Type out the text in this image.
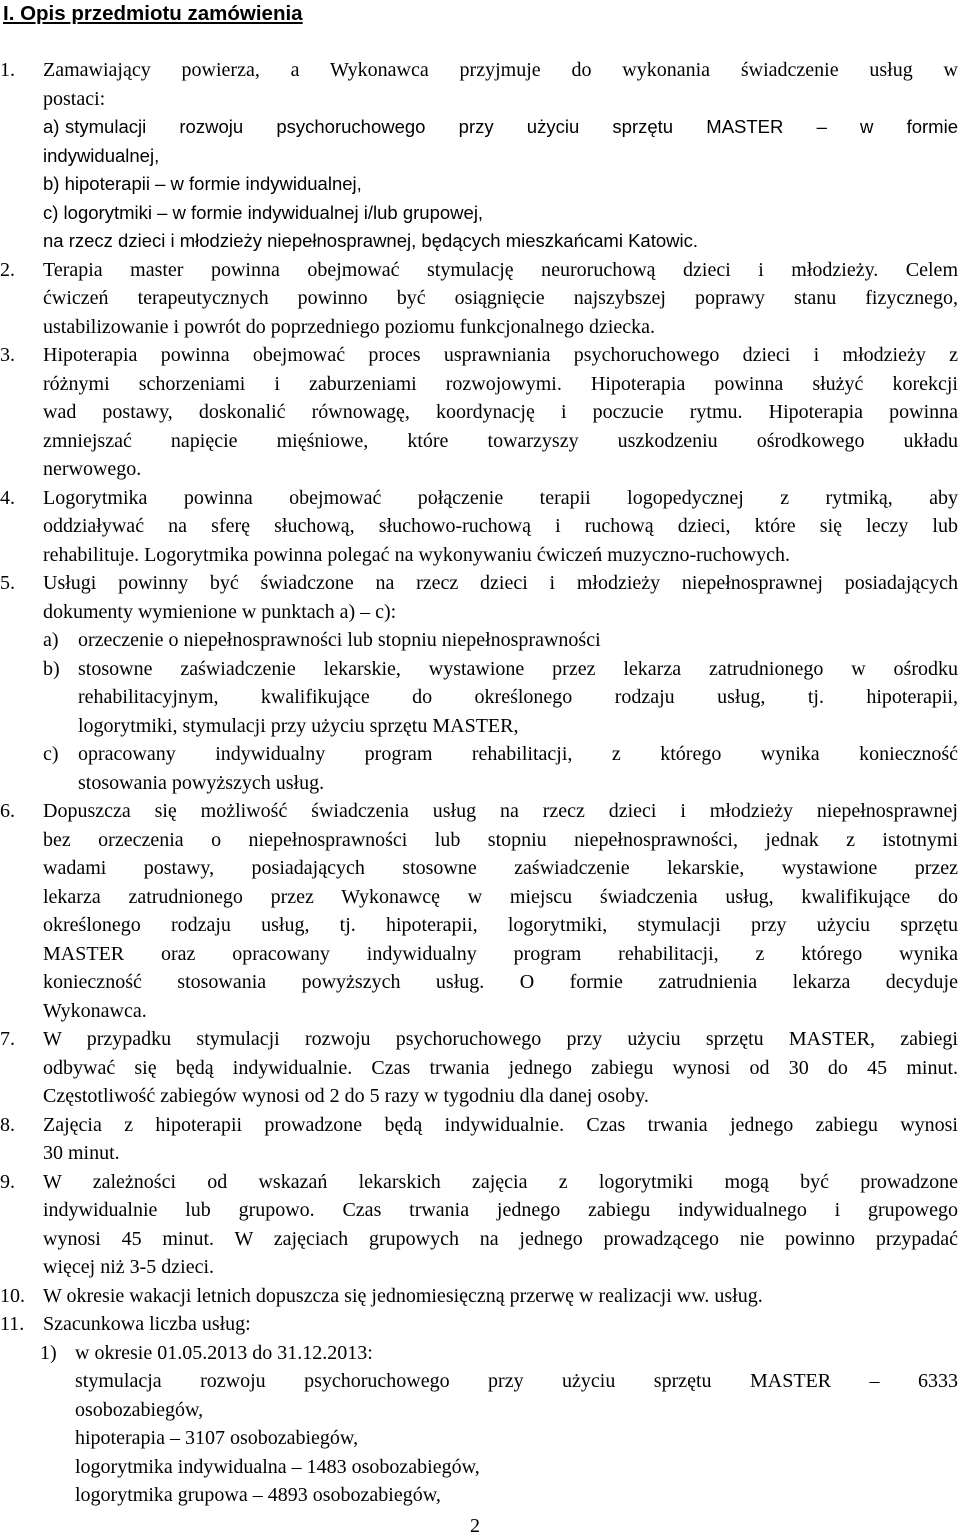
I. Opis przedmiotu zamówienia
1. Zamawiający powierza, a Wykonawca przyjmuje do wykonania świadczenie usług w
postaci:
a) stymulacji rozwoju psychoruchowego przy użyciu sprzętu MASTER – w formie
indywidualnej,
b) hipoterapii – w formie indywidualnej,
c) logorytmiki – w formie indywidualnej i/lub grupowej,
na rzecz dzieci i młodzieży niepełnosprawnej, będących mieszkańcami Katowic.
2. Terapia master powinna obejmować stymulację neuroruchową dzieci i młodzieży. Celem
ćwiczeń terapeutycznych powinno być osiągnięcie najszybszej poprawy stanu fizycznego,
ustabilizowanie i powrót do poprzedniego poziomu funkcjonalnego dziecka.
3. Hipoterapia powinna obejmować proces usprawniania psychoruchowego dzieci i młodzieży z
różnymi schorzeniami i zaburzeniami rozwojowymi. Hipoterapia powinna służyć korekcji
wad postawy, doskonalić równowagę, koordynację i poczucie rytmu. Hipoterapia powinna
zmniejszać napięcie mięśniowe, które towarzyszy uszkodzeniu ośrodkowego układu
nerwowego.
4. Logorytmika powinna obejmować połączenie terapii logopedycznej z rytmiką, aby
oddziaływać na sferę słuchową, słuchowo-ruchową i ruchową dzieci, które się leczy lub
rehabilituje. Logorytmika powinna polegać na wykonywaniu ćwiczeń muzyczno-ruchowych.
5. Usługi powinny być świadczone na rzecz dzieci i młodzieży niepełnosprawnej posiadających
dokumenty wymienione w punktach a) – c):
a) orzeczenie o niepełnosprawności lub stopniu niepełnosprawności
b) stosowne zaświadczenie lekarskie, wystawione przez lekarza zatrudnionego w ośrodku
rehabilitacyjnym, kwalifikujące do określonego rodzaju usług, tj. hipoterapii,
logorytmiki, stymulacji przy użyciu sprzętu MASTER,
c) opracowany indywidualny program rehabilitacji, z którego wynika konieczność
stosowania powyższych usług.
6. Dopuszcza się możliwość świadczenia usług na rzecz dzieci i młodzieży niepełnosprawnej
bez orzeczenia o niepełnosprawności lub stopniu niepełnosprawności, jednak z istotnymi
wadami postawy, posiadających stosowne zaświadczenie lekarskie, wystawione przez
lekarza zatrudnionego przez Wykonawcę w miejscu świadczenia usług, kwalifikujące do
określonego rodzaju usług, tj. hipoterapii, logorytmiki, stymulacji przy użyciu sprzętu
MASTER oraz opracowany indywidualny program rehabilitacji, z którego wynika
konieczność stosowania powyższych usług. O formie zatrudnienia lekarza decyduje
Wykonawca.
7. W przypadku stymulacji rozwoju psychoruchowego przy użyciu sprzętu MASTER, zabiegi
odbywać się będą indywidualnie. Czas trwania jednego zabiegu wynosi od 30 do 45 minut.
Częstotliwość zabiegów wynosi od 2 do 5 razy w tygodniu dla danej osoby.
8. Zajęcia z hipoterapii prowadzone będą indywidualnie. Czas trwania jednego zabiegu wynosi
30 minut.
9. W zależności od wskazań lekarskich zajęcia z logorytmiki mogą być prowadzone
indywidualnie lub grupowo. Czas trwania jednego zabiegu indywidualnego i grupowego
wynosi 45 minut. W zajęciach grupowych na jednego prowadzącego nie powinno przypadać
więcej niż 3-5 dzieci.
10. W okresie wakacji letnich dopuszcza się jednomiesięczną przerwę w realizacji ww. usług.
11. Szacunkowa liczba usług:
1) w okresie 01.05.2013 do 31.12.2013:
stymulacja rozwoju psychoruchowego przy użyciu sprzętu MASTER – 6333
osobozabiegów,
hipoterapia – 3107 osobozabiegów,
logorytmika indywidualna – 1483 osobozabiegów,
logorytmika grupowa – 4893 osobozabiegów,
2
